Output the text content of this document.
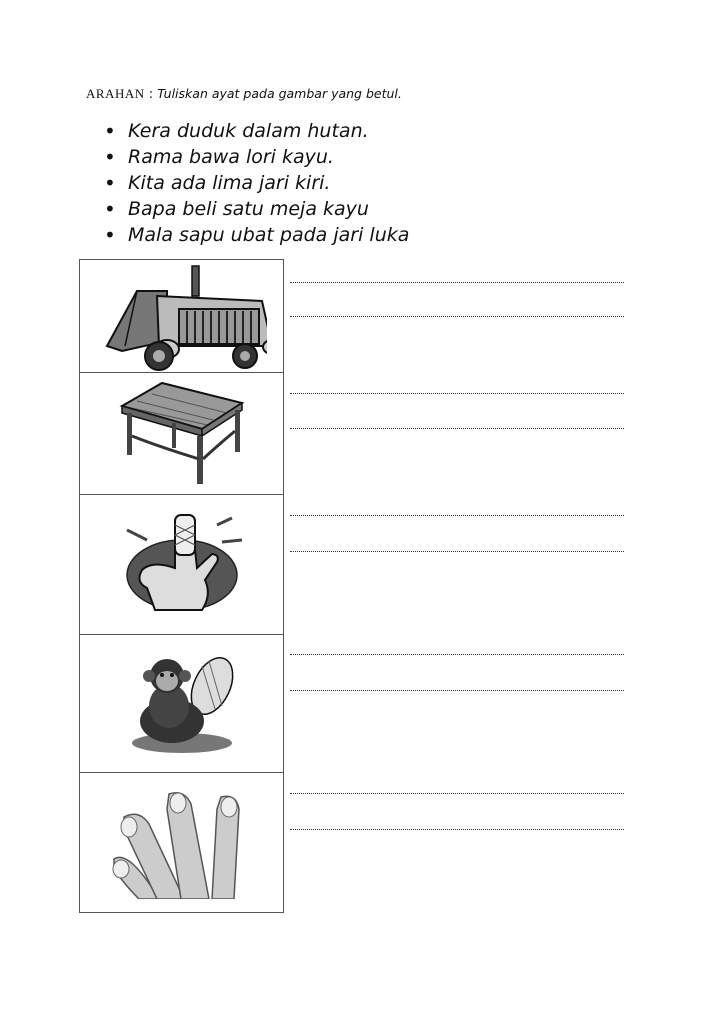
ARAHAN : Tuliskan ayat pada gambar yang betul.
• Kera duduk dalam hutan.
• Rama bawa lori kayu.
• Kita ada lima jari kiri.
• Bapa beli satu meja kayu
• Mala sapu ubat pada jari luka
